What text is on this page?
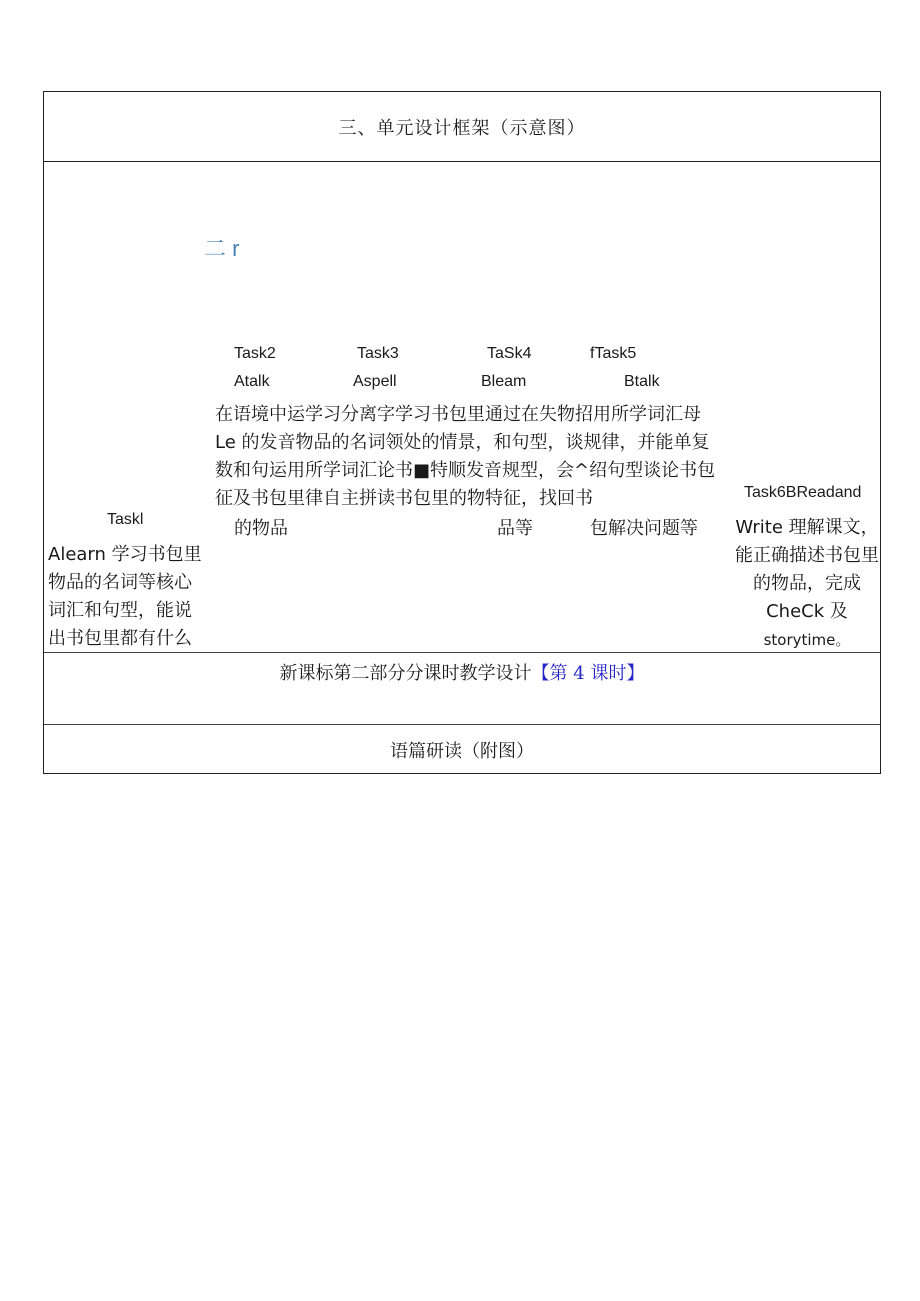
三、单元设计框架（示意图）
二 r
Task2	Task3	TaSk4	fTask5
Atalk	Aspell	Bleam	Btalk
在语境中运学习分离字学习书包里通过在失物招用所学词汇母
Le 的发音物品的名词领处的情景，和句型，谈规律，并能单复
数和句运用所学词汇论书■特顺发音规型，会^绍句型谈论书包
征及书包里律自主拼读书包里的物特征，找回书
的物品	品等	包解决问题等
Taskl
Alearn 学习书包里
物品的名词等核心
词汇和句型，能说
出书包里都有什么
Task6BReadand
Write 理解课文，
能正确描述书包里
的物品，完成
CheCk 及
storytime。
新课标第二部分分课时教学设计【第 4 课时】
语篇研读（附图）
